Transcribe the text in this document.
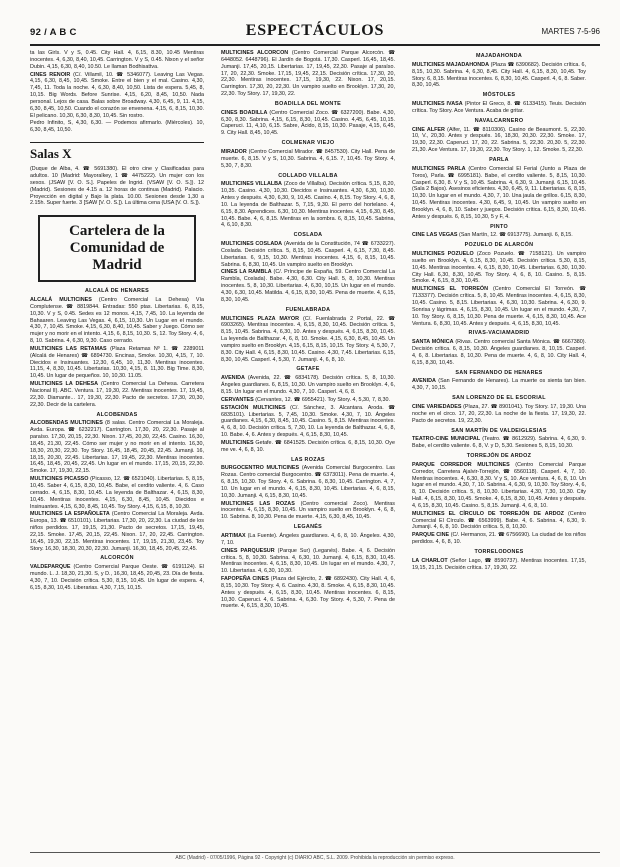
92 / A B C	ESPECTÁCULOS	MARTES 7-5-96

ta las Girls. V y S, 0.45. City Hall. 4, 6,15, 8.30, 10.45 Mentiras inocentes. 4, 6,30, 8,40, 10,45. Carrington. V y S, 0.45. Nixon y el señor Dubin. 4,15, 6,30, 8,40, 10.50. Le llaman Bodhisattva.

CINES RENOIR (C/. Villamil, 10. ☎ 5346077). Leaving Las Vegas. 4,15, 6,30, 8,45, 10,45. Smoke. Entre el bien y el mal. Casino. 4,30, 7,45, 11. Toda la noche. 4, 6,30, 8,40, 10,50. Lista de espera. 5,45, 8, 10,15. Big Words. Before Sunrise. 4,15, 6,20, 8,45, 10,50. Nada personal. Lejos de casa. Balas sobre Broadway. 4,30, 6,45, 9, 11. 4,15, 6,30, 8,45, 10,50. Cuando el corazón se envenena. 4,15, 6, 8,15, 10,30. El pelicano. 10,30, 6,30, 8,30, 10,45. Sin rostro.

Pedro Infinito, S, 4,30, 6,30. — Podemos afirmarlo. (Miércoles). 10, 6,30, 8,45, 10,50.

Salas X

(Duque de Alba, 4. ☎ 5691380). El otro cine y Clasificadas para adultos. 10 (Madrid: Mayoralkey, 1 ☎ 4475222). Un mujer con los sexos. (JSAW [V. O. S.]. Papeles de Ingrid. (VSAW [V. O. S.]). 12 (Madrid). Sesiones de 4.15 a. 12 horas de continua (Madrid). Palacio. Proyección en digital y Bajo la plata. 10.00. Sesiones desde 1,30 a 2.15h. Super fuerte. 3 [SAW [V. O. S.]). La última cena (USA [V. O. S.]).

Cartelera de la Comunidad de Madrid
ALCALÁ DE HENARES

ALCALÁ MULTICINES (Centro Comercial La Dehesa) Vía Complutense. ☎ 8819844. Entradas: 550 ptas. Libertarias. 6, 8,15, 10,30. V y S, 0.45. Sedes es 12 monos. 4,15, 7,45, 10. La leyenda de Bahaaren. Leaving Las Vegas. 4, 6,15, 10,30. Un Lugar en el mundo. 4,30, 7, 10,45. Smoke. 4,15, 6,30, 8,40, 10,45. Saber y Juego. Cómo ser mujer y no morir en el intento. 4,15, 6, 8,15, 10,30. S, 12. Toy Story. 4, 6, 8, 10. Sabrina. 4, 6,30, 9,30. Caso cerrado.

MULTICINES LAS RETAMAS (Plaza Retamas Nº 1. ☎ 2289011 (Alcalá de Henares) ☎ 6894730. Encinas, Smoke. 10,30, 4,15, 7, 10. Diecidos e Insinuantes. 12,30, 6,45, 10, 11,30. Mentiras inocentes. 11,15, 4, 8,30, 10,45. Libertarias. 10,30, 4,15, 8. 11,30. Big Time. 8,30, 10,45. Un lugar de pequeños. 10, 10,30. 11.05.

MULTICINES LA DEHESA (Centro Comercial La Dehesa. Carretera Nacional II). ABC. Ventura. 17, 19,30, 22. Mentiras inocentes. 17, 19,45, 22,30. Diamante... 17, 19,30, 22,30. Pacto de secretos. 17,30, 20,30, 22,30. Decir de la cartelera.

ALCOBENDAS

ALCOBENDAS MULTICINES (8 salas. Centro Comercial La Moraleja. Avda. Europa. ☎ 6232217). Carrington. 17,30, 20, 22,30. Pasaje al paraíso. 17,30, 20,15, 22,30. Nixon. 17,45, 20,30, 22,45. Casino. 16,30, 18,45, 21,30, 22,45. Cómo ser mujer y no morir en el intento. 16,30, 18,30, 20,30, 22,30. Toy Story. 16,45, 18,45, 20,45, 22,45. Jumanji. 16, 18,15, 20,30, 22,45. Libertarias. 17, 19,45, 22,30. Mentiras inocentes. 16,45, 18,45, 20,45, 22,45. Un lugar en el mundo. 17,15, 20,15, 22,30. Smoke. 17, 19,30, 22,15.

MULTICINES PICASSO (Picasso, 12. ☎ 6521040). Libertarias. 5, 8,15, 10,45. Saber 4, 6,15, 8,30, 10,45. Babe, el cerdito valiente. 4, 6. Caso cerrado. 4, 6,15, 8,30, 10,45. La leyenda de Balthazar. 4, 6,15, 8,30, 10,45. Mentiras inocentes. 4,15, 6,30, 8,45, 10,45. Diecidos e Insinuantes. 4,15, 6,30, 8,45, 10,45. Toy Story. 4,15, 6,15, 8, 10,30.

MULTICINES LA ESPAÑOLETA (Centro Comercial La Moraleja. Avda. Europa, 13. ☎ 6510101). Libertarias. 17,30, 20, 22,30. La ciudad de los niños perdidos. 17, 19,15, 21,30. Pacto de secretos. 17,15, 19,45, 22,15. Smoke. 17,45, 20,15, 22,45. Nixon. 17, 20, 22,45. Carrington. 16,45, 19,30, 22,15. Mentiras inocentes. 17, 19,15, 21,30, 23,45. Toy Story. 16,30, 18,30, 20,30, 22,30. Jumanji. 16,30, 18,45, 20,45, 22,45.

ALCORCÓN

VALDEPARQUE (Centro Comercial Parque Oeste. ☎ 6191124). El mundo. L. J. 18,30, 21,30. S, y D., 16,30, 18,45, 20,45, 23. Día de fiesta. 4,30, 7, 10. Decisión crítica. 5,30, 8,15, 10,45. Un lugar de espera. 4, 6,15, 8,30, 10,45. Liberarias. 4,30, 7,15, 10,15.

MULTICINES ALCORCÓN (Centro Comercial Parque Alcorcón. ☎ 6448052. 6448796). El Jardín de Bogotá. 17,30. Casperl. 16,45, 18,45. Jumanji. 17,45, 20,15. Libertarias. 17, 19,45, 22,30. Pasaje al paraíso. 17, 20, 22,30. Smoke. 17,15, 19,45, 22,15. Decisión crítica. 17,30, 20, 22,30. Mentiras inocentes. 17,15, 19,30, 22. Nixon. 17, 20,15. Carrington. 17,30, 20, 22,30. Un vampiro suelto en Brooklyn. 17,30, 20, 22,30. Toy Story. 17, 19,30, 22.

BOADILLA DEL MONTE

CINES BOADILLA (Centro Comercial Zoco. ☎ 6327200). Babe. 4,30, 6,30, 8,30. Sabrina. 4,15, 6,15, 8,30, 10,45. Casino. 4,45, 6,45, 10,15. Caperuci. 11, 4,10, 6,15. Sabre, Ácido, 8,15, 10,30. Pasaje, 4,15, 6,45, 9. City Hall. 8,45, 10,45.

COLMENAR VIEJO

MIRADOR (Centro Comercial Mirador. ☎ 8457530). City Hall. Pena de muerte. 6, 8,15. V y S, 10,30. Sabrina. 4, 6,15. 7, 10,45. Toy Story. 4, 5,30, 7, 8,30.

COLLADO VILLALBA

MULTICINES VILLALBA (Zoco de Villalba). Decisión crítica. 5,15, 8,20, 10,35. Casino. 4,30, 10,30. Diecidos e Insinuantes. 4,30, 6,30, 10,30. Antes y después. 4,30, 6,30, 9, 10,45. Casino. 4, 8,15. Toy Story. 4, 6, 8, 10. La leyenda de Balthazar. 5, 7,15, 9,30. El perro del hortelano. 4, 6,15, 8,30. Aprendices. 6,30, 10,30. Mentiras inocentes. 4,15, 6,30, 8,45, 10,45. Babe. 4, 6, 8,15. Mentiras en la sombra. 6, 8,15, 10,45. Sabrina, 4, 6,10, 8,30.

COSLADA

MULTICINES COSLADA (Avenida de la Constitución, 74 ☎ 6733227). Coslada. Decisión crítica. 5, 8,15, 10,45. Casperl. 4, 6,15, 7,30, 8,45. Libertarias. 6, 9,15, 10,30. Mentiras inocentes. 4,15, 6, 8,15, 10,45. Sabrina. 6, 8,30, 10,45. Un vampiro suelto en Brooklyn.

CINES LA RAMBLA (C/. Príncipe de España, 59. Centro Comercial La Rambla, Coslada). Babe. 4,30, 6,30. City Hall. 5, 8, 10,30. Mentiras inocentes. 5, 8, 10,30. Libertarias. 4, 6,30, 10,15. Un lugar en el mundo. 4,30, 6,30, 10,45. Matilda. 4, 6,15, 8,30, 10,45. Pena de muerte. 4, 6,15, 8,30, 10,45.

FUENLABRADA

MULTICINES PLAZA MAYOR (C/. Fuenlabrada 2 Portal, 22. ☎ 6903265). Mentiras inocentes. 4, 6,15, 8,30, 10,45. Decisión crítica. 5, 8,15, 10,45. Sabrina. 4, 6,30, 10. Antes y después. 4, 6,15, 8,30, 10,45. La leyenda de Balthazar. 4, 6, 8, 10. Smoke. 4,15, 6,30, 8,45, 10,45. Un vampiro suelto en Brooklyn. 4,15, 6,15, 8,15, 10,15. Toy Story. 4, 5,30, 7, 8,30. City Hall. 4, 6,15, 8,30, 10,45. Casino. 4,30, 7,45. Libertarias. 6,15, 8,30, 10,45. Casperl. 4, 5,30, 7. Jumanji. 4, 6, 8, 10.

GETAFE

AVENIDA (Avenida, 22. ☎ 6834178). Decisión crítica. 5, 8, 10,30. Ángeles guardianes. 6, 8,15, 10,30. Un vampiro suelto en Brooklyn. 4, 6, 8,15. Un lugar en el mundo. 4,30, 7, 10. Casperl. 4, 6, 8.

CERVANTES (Cervantes, 12. ☎ 6955421). Toy Story. 4, 5,30, 7, 8,30.

ESTACIÓN MULTICINES (C/. Sánchez, 3. Alcantara. Aroda. ☎ 6835101). Libertarias. 5, 7,45, 10,30. Smoke. 4,30, 7, 10. Ángeles guardianes. 4,15, 6,30, 8,45, 10,45. Casino. 5, 8,15. Mentiras inocentes. 4, 6, 8, 10. Decisión crítica. 5, 7,30, 10. La leyenda de Balthazar. 4, 6, 8, 10. Babe. 4, 6. Antes y después. 4, 6,15, 8,30, 10,45.

MULTICINES Getafe. ☎ 6841525. Decisión crítica. 6, 8,15, 10,30. Oye me ve. 4, 6, 8, 10.

LAS ROZAS

BURGOCENTRO MULTICINES (Avenida Comercial Burgocentro. Las Rozas. Centro comercial Burgocentro. ☎ 6373011). Pena de muerte. 4, 6, 8,15, 10,30. Toy Story. 4, 6. Sabrina. 6, 8,30, 10,45. Carrington. 4, 7, 10. Un lugar en el mundo. 4, 6,15, 8,30, 10,45. Libertarias. 4, 6, 8,15, 10,30. Jumanji. 4, 6,15, 8,30, 10,45.

MULTICINES LAS ROZAS (Centro comercial Zoco). Mentiras inocentes. 4, 6,15, 8,30, 10,45. Un vampiro suelto en Brooklyn. 4, 6, 8, 10. Sabrina. 8, 10,30. Pena de muerte. 4,15, 6,30, 8,45, 10,45.

LEGANÉS

ARTIMAX (La Fuente). Ángeles guardianes. 4, 6, 8, 10. Ángeles. 4,30, 7, 10.

CINES PARQUESUR (Parque Sur) (Leganés). Babe. 4, 6. Decisión crítica. 5, 8, 10,30. Sabrina. 4, 6,30, 10. Jumanji. 4, 6,15, 8,30, 10,45. Mentiras inocentes. 4, 6,15, 8,30, 10,45. Un lugar en el mundo. 4,30, 7, 10. Libertarias. 4, 6,30, 10,30.

FAPOPEÑA CINES (Plaza del Ejército, 2. ☎ 6892430). City Hall. 4, 6, 8,15, 10,30. Toy Story. 4, 6. Casino. 4,30, 8. Smoke. 4, 6,15, 8,30, 10,45. Antes y después. 4, 6,15, 8,30, 10,45. Mentiras inocentes. 6, 8,15, 10,30. Caperuci. 4, 6. Sabrina. 4, 6,30. Toy Story. 4, 5,30, 7. Pena de muerte. 4, 6,15, 8,30, 10,45.

MAJADAHONDA

MULTICINES MAJADAHONDA (Plaza ☎ 6390682). Decisión crítica. 6, 8,15, 10,30. Sabrina. 4, 6,30, 8,45. City Hall. 4, 6,15, 8,30, 10,45. Toy Story. 6, 8,15. Mentiras inocentes. 6, 8,30, 10,45. Casperl. 4, 6, 8. Saber. 8,30, 10,45.

MÓSTOLES

MULTICINES IVASA (Pintor El Greco, 8. ☎ 6133415). Teuis. Decisión crítica. Toy Story. Ace Ventura. Acaba de gritar.

NAVALCARNERO

CINE ALFER (Alfer, 11. ☎ 8110306). Casino de Beaumont. 5, 22,30. 10, V., 20,30. Antes y después. 16, 18,30, 20,30. 22,30. Smoke. 17, 19,30, 22,30. Caperuci. 17, 20, 22. Sabrina. 5, 22,30. 20,30. 5, 22,30. 21,30. Ace Ventura. 17, 19,30, 22,30. Toy Story. 1, 12. Smoke. 5, 22,30.

PARLA

MULTICINES PARLA (Centro Comercial El Ferial (Junto a Plaza de Toros), Parla. ☎ 6995181). Babe, el cerdito valiente. 5, 8,15, 10,30. Casperl. 6,30, 8. V y S, 10,45. Sabrina. 4, 6,30, 9. Jumanji. 6,15, 10,45. (Sala 2 Bajos). Asesinos eficientes. 4,30, 6,45, 9, 11. Libertarias. 6, 8,15, 10,30. Un lugar en el mundo. 4,30, 7, 10. Una jaula de grillos. 6,15, 8,30, 10,45. Mentiras inocentes. 4,30, 6,45, 9, 10,45. Un vampiro suelto en Brooklyn. 4, 6, 8, 10. Saber y juegos. Decisión crítica. 6,15, 8,30, 10,45. Antes y después. 6, 8,15, 10,30, 5 y F, 4.

PINTO

CINE LAS VEGAS (San Martín, 12. ☎ 6913775). Jumanji. 6, 8,15.

POZUELO DE ALARCÓN

MULTICINES POZUELO (Zoco Pozuelo. ☎ 7158121). Un vampiro suelto en Brooklyn. 4, 6,15, 8,30, 10,45. Decisión crítica. 5,30, 8,15, 10,45. Mentiras inocentes. 4, 6,15, 8,30, 10,45. Libertarias. 6,30, 10,30. City Hall. 6,30, 8,30, 10,45. Toy Story. 4, 6, 8, 10. Casino. 5, 8,15. Smoke. 4, 6,15, 8,30, 10,45.

MULTICINES EL TORREÓN (Centro Comercial El Torreón. ☎ 7133377). Decisión crítica. 5, 8, 10,45. Mentiras inocentes. 4, 6,15, 8,30, 10,45. Casino. 5, 8,15. Libertarias. 4, 6,30, 10,30. Sabrina. 4, 6,30, 9. Sonrisa y lágrimas. 4, 6,15, 8,30, 10,45. Un lugar en el mundo. 4,30, 7, 10. Toy Story. 6, 8,15, 10,30. Pena de muerte. 4, 6,15, 8,30, 10,45. Ace Ventura. 6, 8,30, 10,45. Antes y después. 4, 6,15, 8,30, 10,45.

RIVAS-VACIAMADRID

SANTA MÓNICA (Rivas. Centro comercial Santa Mónica. ☎ 6667380). Decisión crítica. 6, 8,15, 10,30. Ángeles guardianes. 8, 10,15. Casperl. 4, 6, 8. Libertarias. 8, 10,30. Pena de muerte. 4, 6, 8, 10. City Hall. 4, 6,15, 8,30, 10,45.

SAN FERNANDO DE HENARES

AVENIDA (San Fernando de Henares). La muerte os sienta tan bien. 4,30, 7, 10,15.

SAN LORENZO DE EL ESCORIAL

CINE VARIEDADES (Plaza, 27. ☎ 8901041). Toy Story. 17, 19,30. Una noche en el circo. 17, 20, 22,30. La noche de la fiesta. 17, 19,30, 22. Pacto de secretos. 19, 22,30.

SAN MARTÍN DE VALDEIGLESIAS

TEATRO-CINE MUNICIPAL (Teatro. ☎ 8612929). Sabrina. 4, 6,30, 9. Babe, el cerdito valiente. 6, 8, V. y D, 5,30. Sesiones 5, 8,15, 10,30.

TORREJÓN DE ARDOZ

PARQUE CORREDOR MULTICINES (Centro Comercial Parque Corredor, Carretera Ajalvir-Torrejón, ☎ 6560118). Casperl. 4, 7, 10. Mentiras inocentes. 4, 6,30, 8,30. V y S, 10. Ace ventura. 4, 6, 8, 10. Un lugar en el mundo. 4,30, 7, 10. Sabrina. 4, 6,30, 9, 10,30. Toy Story. 4, 6, 8, 10. Decisión crítica. 5, 8, 10,30. Libertarias. 4,30, 7,30, 10,30. City Hall. 4, 6,15, 8,30, 10,45. Smoke. 4, 6,15, 8,30, 10,45. Antes y después. 4, 6,15, 8,30, 10,45. Casino. 5, 8,15. Jumanji. 4, 6, 8, 10.

MULTICINES EL CÍRCULO DE TORREJÓN DE ARDOZ (Centro Comercial El Círculo. ☎ 6563999). Babe. 4, 6. Sabrina. 4, 6,30, 9. Jumanji. 4, 6, 8, 10. Decisión crítica. 5, 8, 10,30.

PARQUE CINE (C/. Hermanos, 21. ☎ 6756690). La ciudad de los niños perdidos. 4, 6, 8, 10.

TORRELODONES

LA CHARLOT (Señor Lago, ☎ 8590737). Mentiras inocentes. 17,15, 19,15, 21,15. Decisión crítica. 17, 19,30, 22.

ABC (Madrid) - 07/05/1996, Página 92 - Copyright (c) DIARIO ABC, S.L. 2009. Prohibida la reproducción sin permiso expreso.
